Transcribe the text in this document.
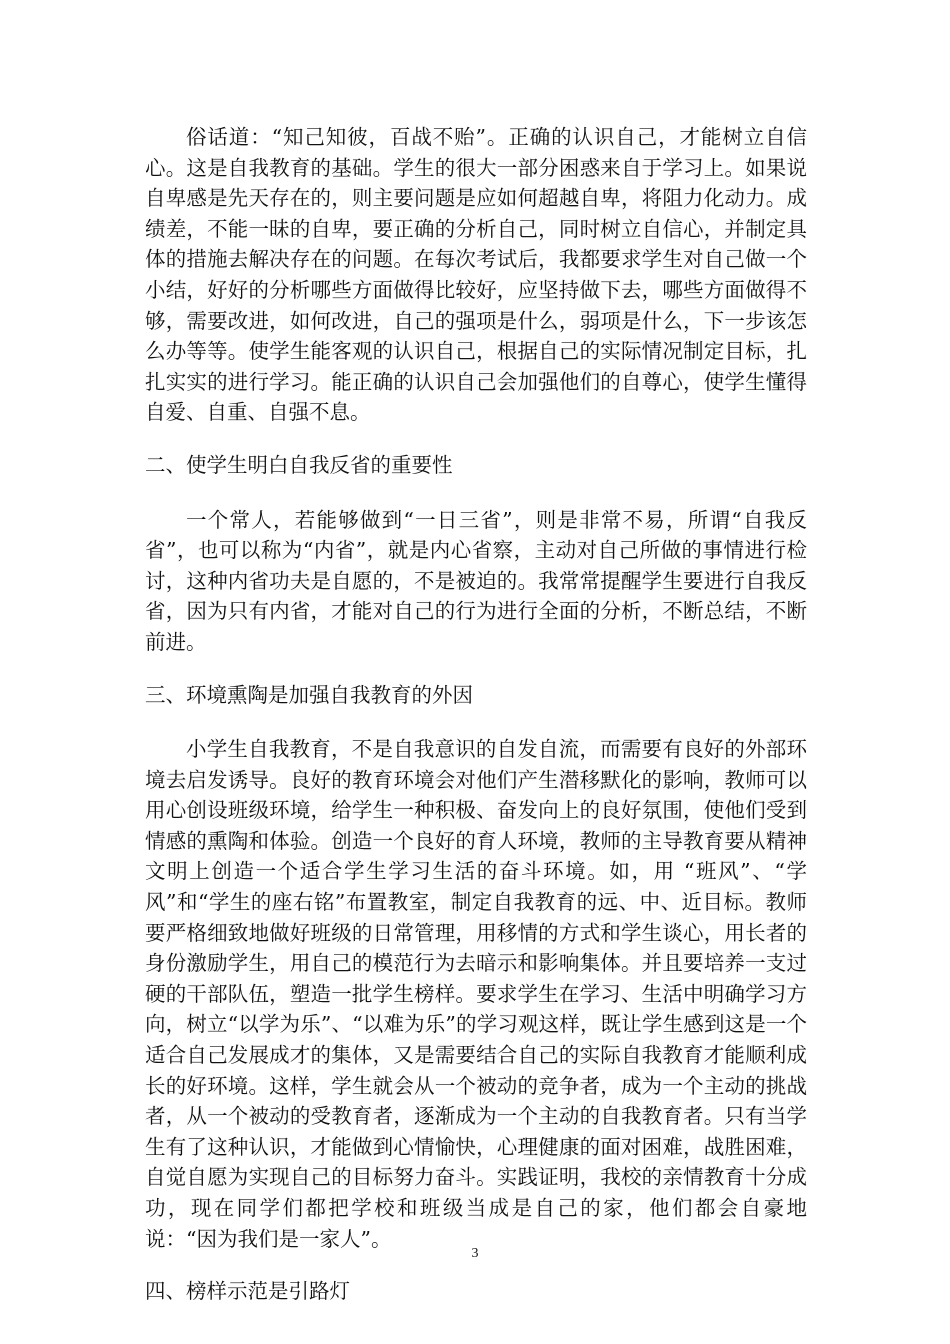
俗话道：“知己知彼，百战不贻”。正确的认识自己，才能树立自信心。这是自我教育的基础。学生的很大一部分困惑来自于学习上。如果说自卑感是先天存在的，则主要问题是应如何超越自卑，将阻力化动力。成绩差，不能一昧的自卑，要正确的分析自己，同时树立自信心，并制定具体的措施去解决存在的问题。在每次考试后，我都要求学生对自己做一个小结，好好的分析哪些方面做得比较好，应坚持做下去，哪些方面做得不够，需要改进，如何改进，自己的强项是什么，弱项是什么，下一步该怎么办等等。使学生能客观的认识自己，根据自己的实际情况制定目标，扎扎实实的进行学习。能正确的认识自己会加强他们的自尊心，使学生懂得自爱、自重、自强不息。

二、使学生明白自我反省的重要性

一个常人，若能够做到“一日三省”，则是非常不易，所谓“自我反省”，也可以称为“内省”，就是内心省察，主动对自己所做的事情进行检讨，这种内省功夫是自愿的，不是被迫的。我常常提醒学生要进行自我反省，因为只有内省，才能对自己的行为进行全面的分析，不断总结，不断前进。

三、环境熏陶是加强自我教育的外因

小学生自我教育，不是自我意识的自发自流，而需要有良好的外部环境去启发诱导。良好的教育环境会对他们产生潜移默化的影响，教师可以用心创设班级环境，给学生一种积极、奋发向上的良好氛围，使他们受到情感的熏陶和体验。创造一个良好的育人环境，教师的主导教育要从精神文明上创造一个适合学生学习生活的奋斗环境。如，用 “班风”、“学风”和“学生的座右铭”布置教室，制定自我教育的远、中、近目标。教师要严格细致地做好班级的日常管理，用移情的方式和学生谈心，用长者的身份激励学生，用自己的模范行为去暗示和影响集体。并且要培养一支过硬的干部队伍，塑造一批学生榜样。要求学生在学习、生活中明确学习方向，树立“以学为乐”、“以难为乐”的学习观这样，既让学生感到这是一个适合自己发展成才的集体，又是需要结合自己的实际自我教育才能顺利成长的好环境。这样，学生就会从一个被动的竞争者，成为一个主动的挑战者，从一个被动的受教育者，逐渐成为一个主动的自我教育者。只有当学生有了这种认识，才能做到心情愉快，心理健康的面对困难，战胜困难，自觉自愿为实现自己的目标努力奋斗。实践证明，我校的亲情教育十分成功，现在同学们都把学校和班级当成是自己的家，他们都会自豪地说：“因为我们是一家人”。

四、榜样示范是引路灯
3
